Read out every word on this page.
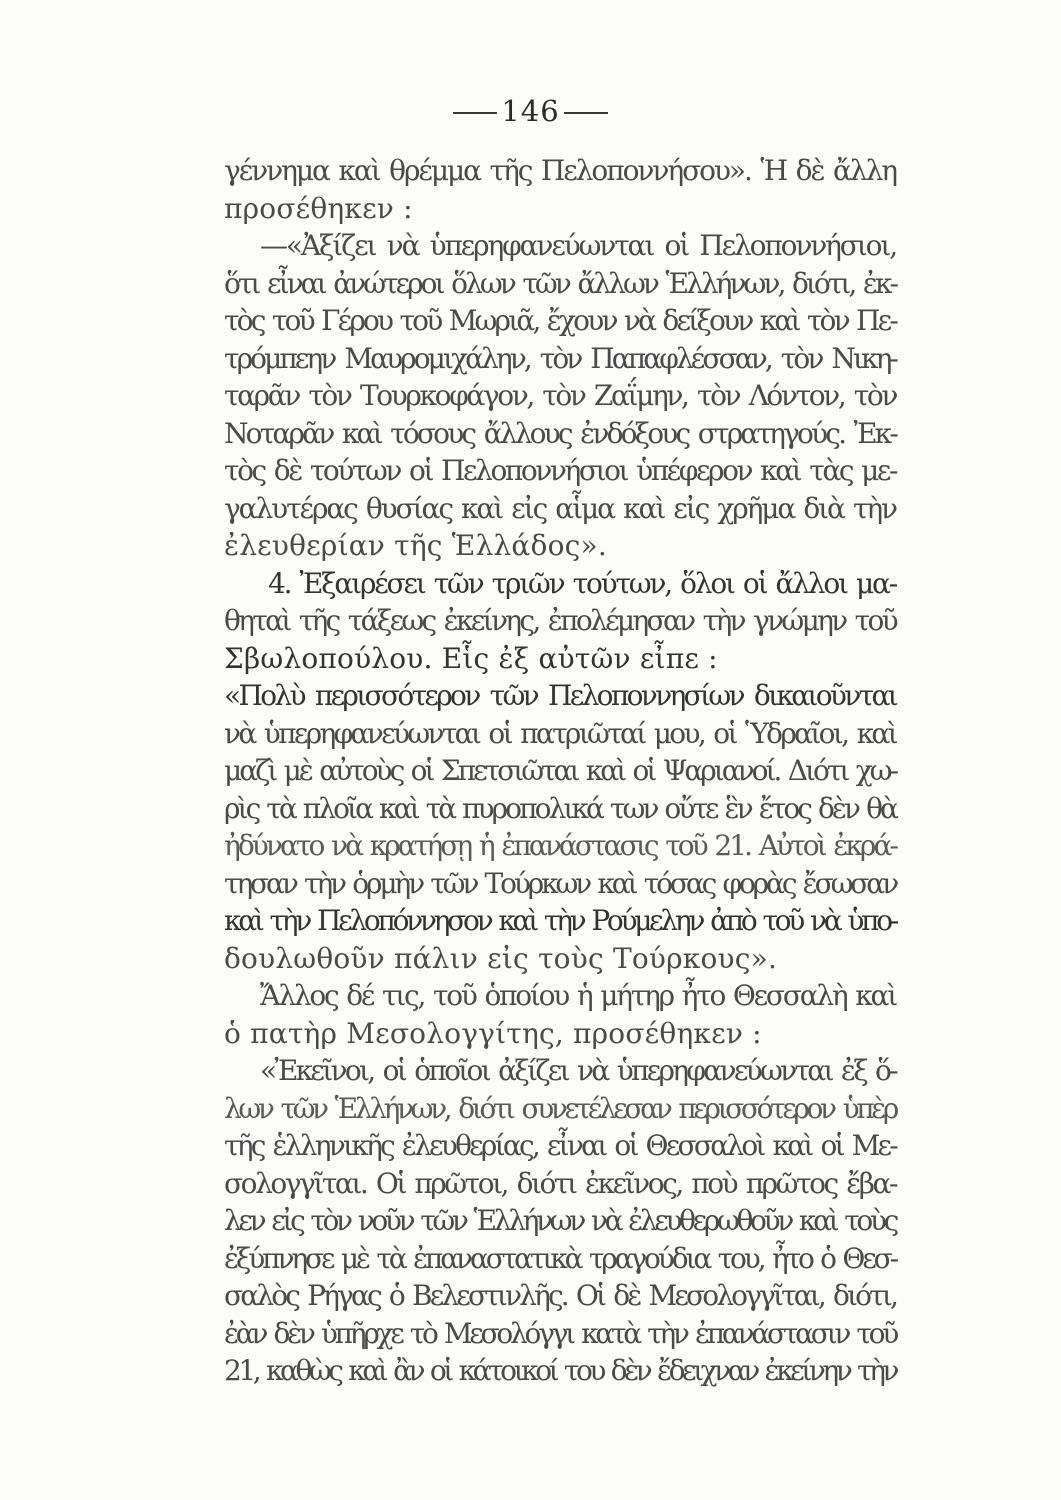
146
γέννημα καὶ θρέμμα τῆς Πελοποννήσου». Ἡ δὲ ἄλλη
προσέθηκεν :
—«Ἀξίζει νὰ ὑπερηφανεύωνται οἱ Πελοποννήσιοι,
ὅτι εἶναι ἀνώτεροι ὅλων τῶν ἄλλων Ἑλλήνων, διότι, ἐκ-
τὸς τοῦ Γέρου τοῦ Μωριᾶ, ἔχουν νὰ δείξουν καὶ τὸν Πε-
τρόμπεην Μαυρομιχάλην, τὸν Παπαφλέσσαν, τὸν Νικη-
ταρᾶν τὸν Τουρκοφάγον, τὸν Ζαΐμην, τὸν Λόντον, τὸν
Νοταρᾶν καὶ τόσους ἄλλους ἐνδόξους στρατηγούς. Ἐκ-
τὸς δὲ τούτων οἱ Πελοποννήσιοι ὑπέφερον καὶ τὰς με-
γαλυτέρας θυσίας καὶ εἰς αἷμα καὶ εἰς χρῆμα διὰ τὴν
ἐλευθερίαν τῆς Ἑλλάδος».
4. Ἐξαιρέσει τῶν τριῶν τούτων, ὅλοι οἱ ἄλλοι μα-
θηταὶ τῆς τάξεως ἐκείνης, ἐπολέμησαν τὴν γνώμην τοῦ
Σβωλοπούλου. Εἷς ἐξ αὐτῶν εἶπε :
«Πολὺ περισσότερον τῶν Πελοποννησίων δικαιοῦνται
νὰ ὑπερηφανεύωνται οἱ πατριῶταί μου, οἱ Ὑδραῖοι, καὶ
μαζὶ μὲ αὐτοὺς οἱ Σπετσιῶται καὶ οἱ Ψαριανοί. Διότι χω-
ρὶς τὰ πλοῖα καὶ τὰ πυροπολικά των οὔτε ἓν ἔτος δὲν θὰ
ἠδύνατο νὰ κρατήσῃ ἡ ἐπανάστασις τοῦ 21. Αὐτοὶ ἐκρά-
τησαν τὴν ὁρμὴν τῶν Τούρκων καὶ τόσας φορὰς ἔσωσαν
καὶ τὴν Πελοπόννησον καὶ τὴν Ρούμελην ἀπὸ τοῦ νὰ ὑπο-
δουλωθοῦν πάλιν εἰς τοὺς Τούρκους».
Ἄλλος δέ τις, τοῦ ὁποίου ἡ μήτηρ ἦτο Θεσσαλὴ καὶ
ὁ πατὴρ Μεσολογγίτης, προσέθηκεν :
«Ἐκεῖνοι, οἱ ὁποῖοι ἀξίζει νὰ ὑπερηφανεύωνται ἐξ ὅ-
λων τῶν Ἑλλήνων, διότι συνετέλεσαν περισσότερον ὑπὲρ
τῆς ἑλληνικῆς ἐλευθερίας, εἶναι οἱ Θεσσαλοὶ καὶ οἱ Με-
σολογγῖται. Οἱ πρῶτοι, διότι ἐκεῖνος, ποὺ πρῶτος ἔβα-
λεν εἰς τὸν νοῦν τῶν Ἑλλήνων νὰ ἐλευθερωθοῦν καὶ τοὺς
ἐξύπνησε μὲ τὰ ἐπαναστατικὰ τραγούδια του, ἦτο ὁ Θεσ-
σαλὸς Ρήγας ὁ Βελεστινλῆς. Οἱ δὲ Μεσολογγῖται, διότι,
ἐὰν δὲν ὑπῆρχε τὸ Μεσολόγγι κατὰ τὴν ἐπανάστασιν τοῦ
21, καθὼς καὶ ἂν οἱ κάτοικοί του δὲν ἔδειχναν ἐκείνην τὴν
